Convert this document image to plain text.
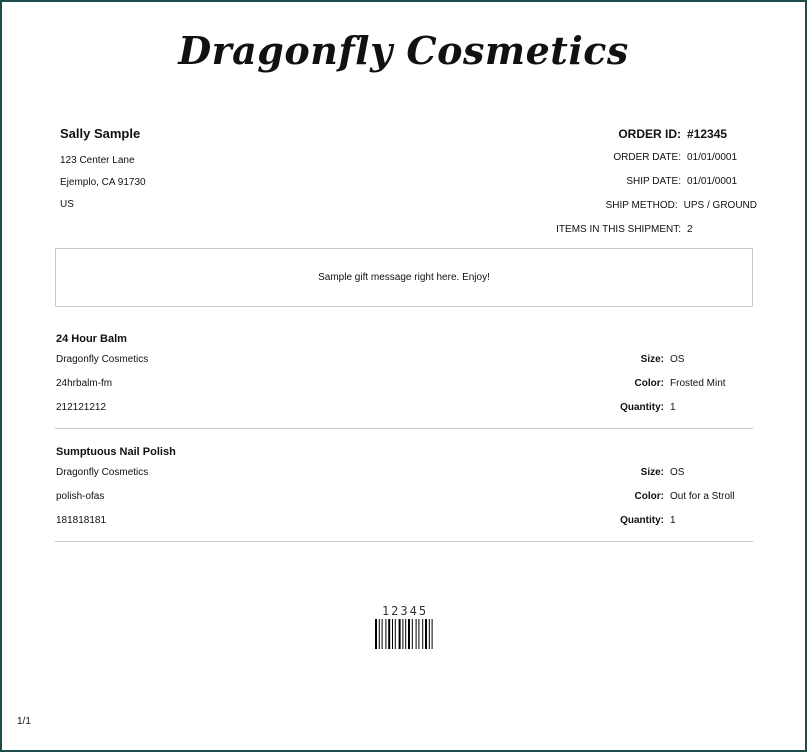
Dragonfly Cosmetics
Sally Sample
123 Center Lane
Ejemplo, CA 91730
US
ORDER ID: #12345
ORDER DATE: 01/01/0001
SHIP DATE: 01/01/0001
SHIP METHOD: UPS / GROUND
ITEMS IN THIS SHIPMENT: 2
Sample gift message right here. Enjoy!
24 Hour Balm
Dragonfly Cosmetics
24hrbalm-fm
212121212
Size: OS
Color: Frosted Mint
Quantity: 1
Sumptuous Nail Polish
Dragonfly Cosmetics
polish-ofas
181818181
Size: OS
Color: Out for a Stroll
Quantity: 1
12345
1/1
